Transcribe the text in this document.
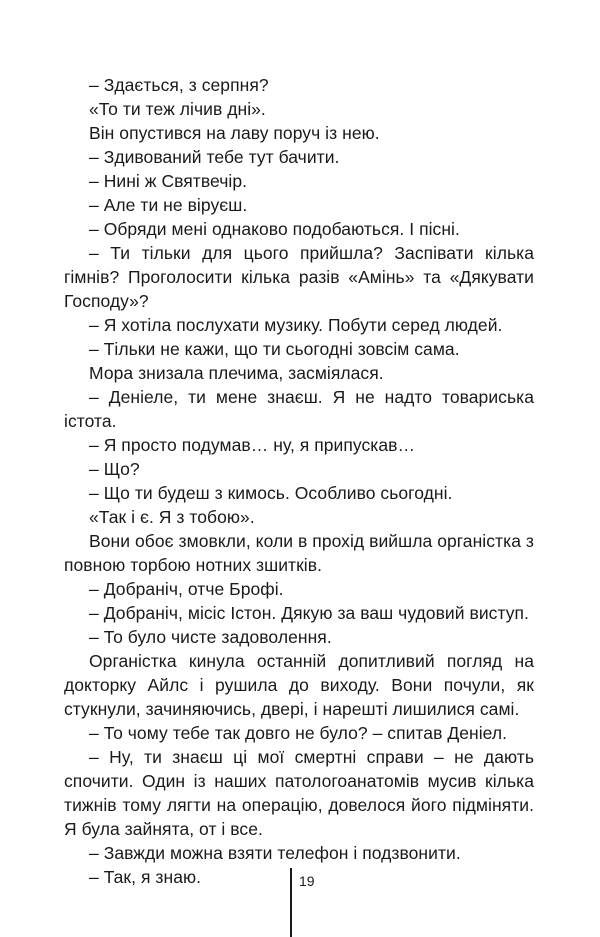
– Здається, з серпня?

«То ти теж лічив дні».

Він опустився на лаву поруч із нею.

– Здивований тебе тут бачити.

– Нині ж Святвечір.

– Але ти не віруєш.

– Обряди мені однаково подобаються. І пісні.

– Ти тільки для цього прийшла? Заспівати кілька гімнів? Проголосити кілька разів «Амінь» та «Дякувати Господу»?

– Я хотіла послухати музику. Побути серед людей.

– Тільки не кажи, що ти сьогодні зовсім сама.

Мора знизала плечима, засміялася.

– Деніеле, ти мене знаєш. Я не надто товариська істота.

– Я просто подумав… ну, я припускав…

– Що?

– Що ти будеш з кимось. Особливо сьогодні.

«Так і є. Я з тобою».

Вони обоє змовкли, коли в прохід вийшла органістка з повною торбою нотних зшитків.

– Добраніч, отче Брофі.

– Добраніч, місіс Істон. Дякую за ваш чудовий виступ.

– То було чисте задоволення.

Органістка кинула останній допитливий погляд на докторку Айлс і рушила до виходу. Вони почули, як стукнули, зачиняючись, двері, і нарешті лишилися самі.

– То чому тебе так довго не було? – спитав Деніел.

– Ну, ти знаєш ці мої смертні справи – не дають спочити. Один із наших патологоанатомів мусив кілька тижнів тому лягти на операцію, довелося його підміняти. Я була зайнята, от і все.

– Завжди можна взяти телефон і подзвонити.

– Так, я знаю.	19
